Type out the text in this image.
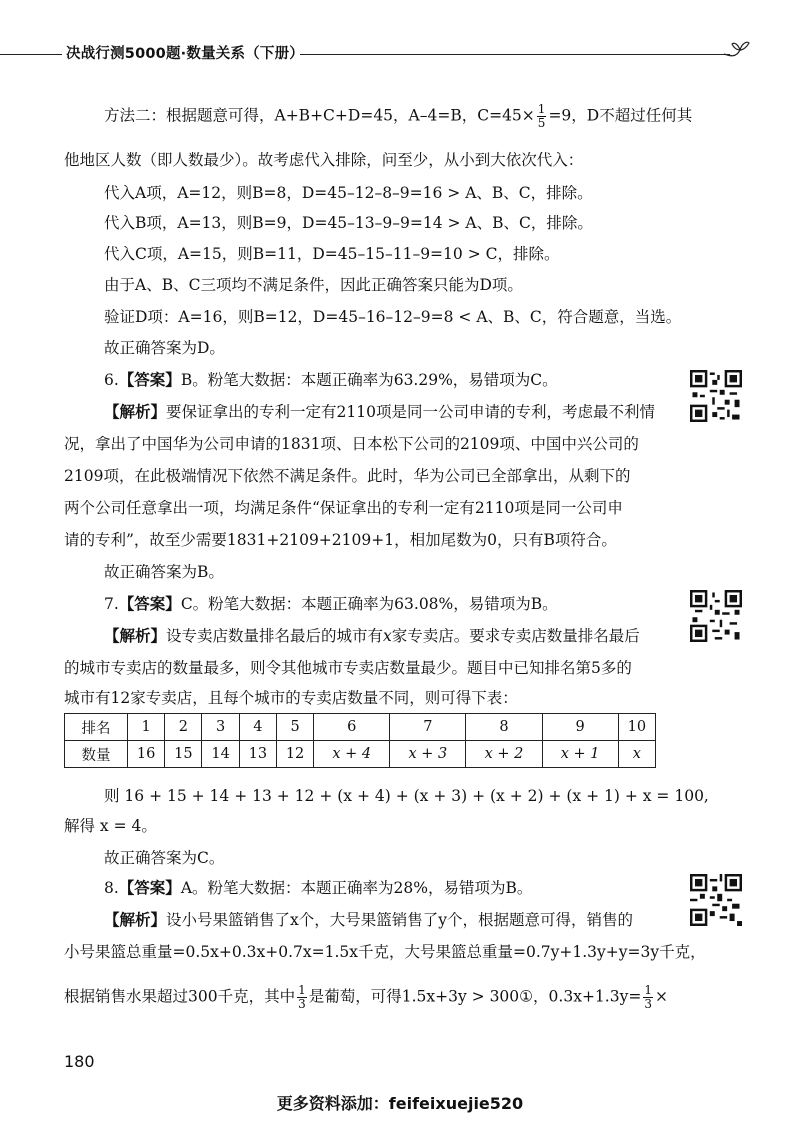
决战行测5000题·数量关系（下册）
方法二：根据题意可得，A+B+C+D=45，A–4=B，$C=45\times \frac{1}{5} =9$，D不超过任何其
他地区人数（即人数最少）。故考虑代入排除，问至少，从小到大依次代入：
代入A项，A=12，则B=8，D=45–12–8–9=16 > A、B、C，排除。
代入B项，A=13，则B=9，D=45–13–9–9=14 > A、B、C，排除。
代入C项，A=15，则B=11，D=45–15–11–9=10 > C，排除。
由于A、B、C三项均不满足条件，因此正确答案只能为D项。
验证D项：A=16，则B=12，D=45–16–12–9=8 < A、B、C，符合题意，当选。
故正确答案为D。
6.【答案】B。粉笔大数据：本题正确率为63.29%，易错项为C。
【解析】要保证拿出的专利一定有2110项是同一公司申请的专利，考虑最不利情
况，拿出了中国华为公司申请的1831项、日本松下公司的2109项、中国中兴公司的
2109项，在此极端情况下依然不满足条件。此时，华为公司已全部拿出，从剩下的
两个公司任意拿出一项，均满足条件“保证拿出的专利一定有2110项是同一公司申
请的专利”，故至少需要1831+2109+2109+1，相加尾数为0，只有B项符合。
故正确答案为B。
7.【答案】C。粉笔大数据：本题正确率为63.08%，易错项为B。
【解析】设专卖店数量排名最后的城市有x家专卖店。要求专卖店数量排名最后
的城市专卖店的数量最多，则令其他城市专卖店数量最少。题目中已知排名第5多的
城市有12家专卖店，且每个城市的专卖店数量不同，则可得下表：
排名	1	2	3	4	5	6	7	8	9	10
数量	16	15	14	13	12	x + 4	x + 3	x + 2	x + 1	x
则 16 + 15 + 14 + 13 + 12 + (x + 4) + (x + 3) + (x + 2) + (x + 1) + x = 100,
解得 x = 4。
故正确答案为C。
8.【答案】A。粉笔大数据：本题正确率为28%，易错项为B。
【解析】设小号果篮销售了x个，大号果篮销售了y个，根据题意可得，销售的
小号果篮总重量=0.5x+0.3x+0.7x=1.5x千克，大号果篮总重量=0.7y+1.3y+y=3y千克，
根据销售水果超过300千克，其中 $\frac{1}{3}$ 是葡萄，可得1.5x+3y > 300①，$0.3x+1.3y= \frac{1}{3}$ ×
180
更多资料添加：feifeixuejie520
